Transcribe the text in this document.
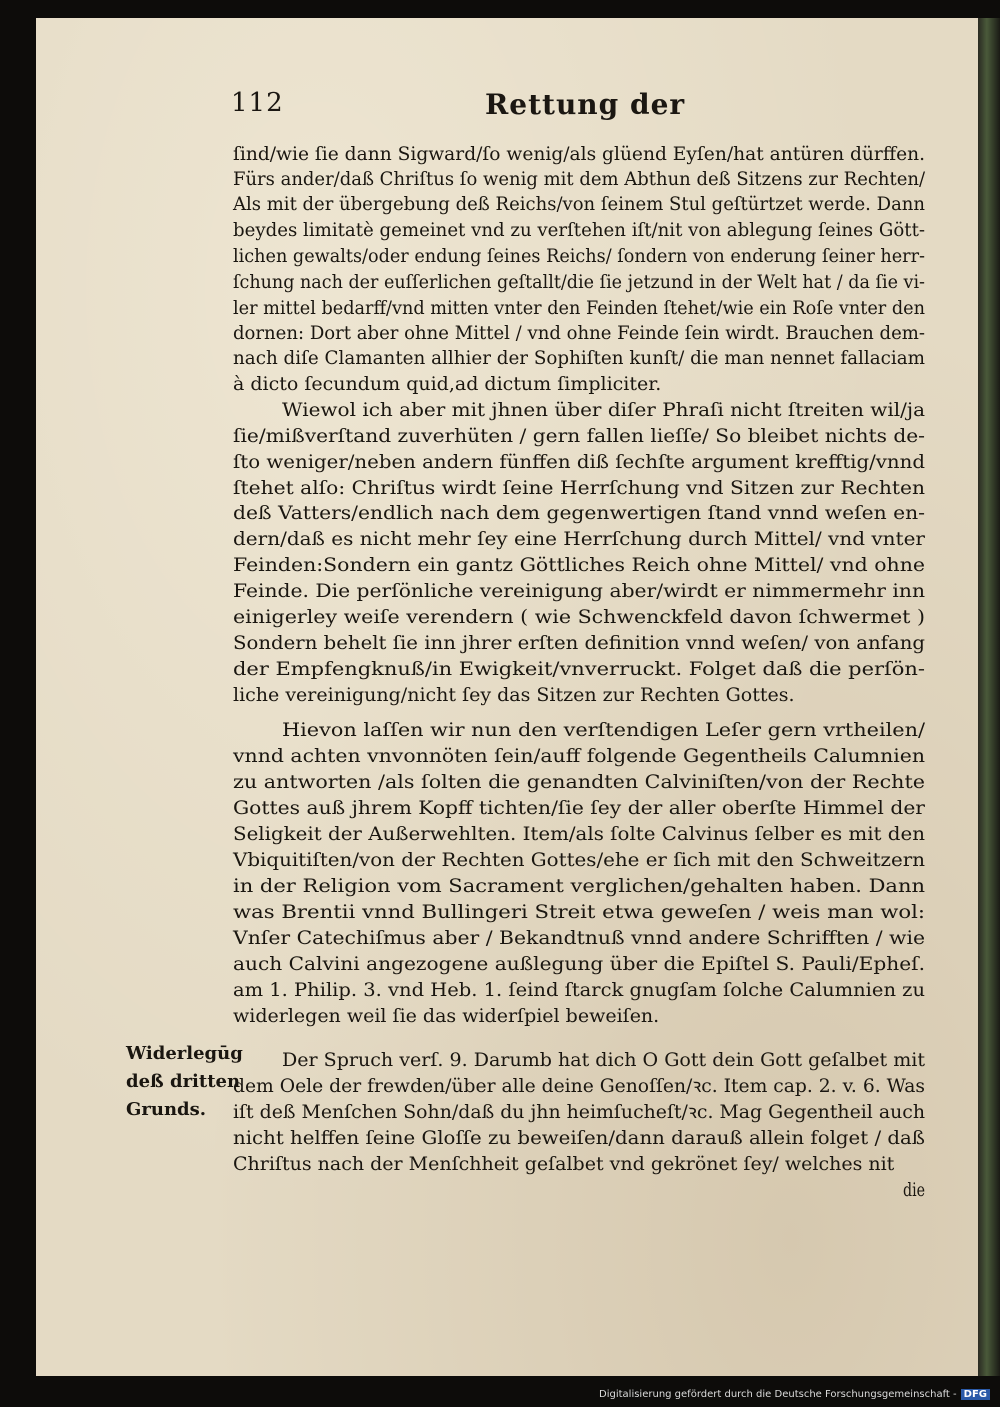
112	Rettung der
ſind/wie ſie dann Sigward/ſo wenig/als glüend Eyſen/hat antüren dürffen.
Fürs ander/daß Chriſtus ſo wenig mit dem Abthun deß Sitzens zur Rechten/
Als mit der übergebung deß Reichs/von ſeinem Stul geſtürtzet werde. Dann
beydes limitatè gemeinet vnd zu verſtehen iſt/nit von ablegung ſeines Gött-
lichen gewalts/oder endung ſeines Reichs/ ſondern von enderung ſeiner herr-
ſchung nach der euſſerlichen geſtallt/die ſie jetzund in der Welt hat / da ſie vi-
ler mittel bedarff/vnd mitten vnter den Feinden ſtehet/wie ein Roſe vnter den
dornen: Dort aber ohne Mittel / vnd ohne Feinde ſein wirdt. Brauchen dem-
nach diſe Clamanten allhier der Sophiſten kunſt/ die man nennet fallaciam
à dicto ſecundum quid,ad dictum ſimpliciter.
Wiewol ich aber mit jhnen über diſer Phraſi nicht ſtreiten wil/ja
ſie/mißverſtand zuverhüten / gern fallen lieſſe/ So bleibet nichts de-
ſto weniger/neben andern fünffen diß ſechſte argument krefftig/vnnd
ſtehet alſo: Chriſtus wirdt ſeine Herrſchung vnd Sitzen zur Rechten
deß Vatters/endlich nach dem gegenwertigen ſtand vnnd weſen en-
dern/daß es nicht mehr ſey eine Herrſchung durch Mittel/ vnd vnter
Feinden:Sondern ein gantz Göttliches Reich ohne Mittel/ vnd ohne
Feinde. Die perſönliche vereinigung aber/wirdt er nimmermehr inn
einigerley weiſe verendern ( wie Schwenckfeld davon ſchwermet )
Sondern behelt ſie inn jhrer erſten definition vnnd weſen/ von anfang
der Empfengknuß/in Ewigkeit/vnverruckt. Folget daß die perſön-
liche vereinigung/nicht ſey das Sitzen zur Rechten Gottes.
Hievon laſſen wir nun den verſtendigen Leſer gern vrtheilen/
vnnd achten vnvonnöten ſein/auff folgende Gegentheils Calumnien
zu antworten /als ſolten die genandten Calviniſten/von der Rechte
Gottes auß jhrem Kopff tichten/ſie ſey der aller oberſte Himmel der
Seligkeit der Außerwehlten. Item/als ſolte Calvinus ſelber es mit den
Vbiquitiſten/von der Rechten Gottes/ehe er ſich mit den Schweitzern
in der Religion vom Sacrament verglichen/gehalten haben. Dann
was Brentii vnnd Bullingeri Streit etwa geweſen / weis man wol:
Vnſer Catechiſmus aber / Bekandtnuß vnnd andere Schrifften / wie
auch Calvini angezogene außlegung über die Epiſtel S. Pauli/Epheſ.
am 1. Philip. 3. vnd Heb. 1. ſeind ſtarck gnugſam ſolche Calumnien zu
widerlegen weil ſie das widerſpiel beweiſen.
Der Spruch verſ. 9. Darumb hat dich O Gott dein Gott geſalbet mit
dem Oele der frewden/über alle deine Genoſſen/ꝛc. Item cap. 2. v. 6. Was
iſt deß Menſchen Sohn/daß du jhn heimſucheſt/ꝛc. Mag Gegentheil auch
nicht helffen ſeine Gloſſe zu beweiſen/dann darauß allein folget / daß
Chriſtus nach der Menſchheit geſalbet vnd gekrönet ſey/ welches nit
die
Widerlegūg
deß dritten
Grunds.
Digitalisierung gefördert durch die Deutsche Forschungsgemeinschaft - DFG
